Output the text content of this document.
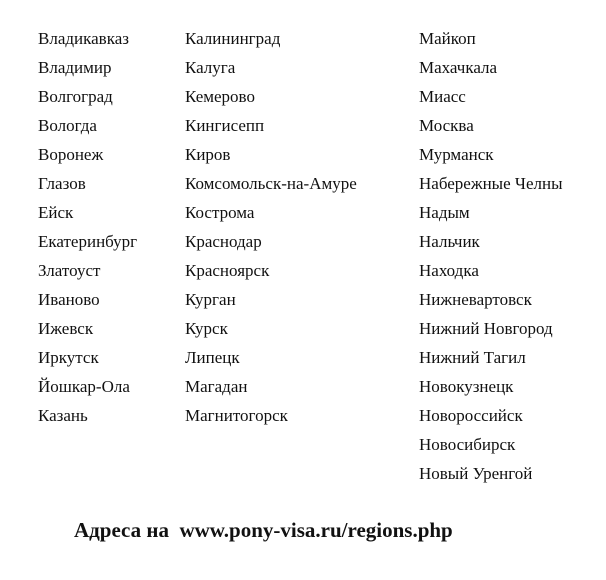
Владикавказ
Владимир
Волгоград
Вологда
Воронеж
Глазов
Ейск
Екатеринбург
Златоуст
Иваново
Ижевск
Иркутск
Йошкар-Ола
Казань
Калининград
Калуга
Кемерово
Кингисепп
Киров
Комсомольск-на-Амуре
Кострома
Краснодар
Красноярск
Курган
Курск
Липецк
Магадан
Магнитогорск
Майкоп
Махачкала
Миасс
Москва
Мурманск
Набережные Челны
Надым
Нальчик
Находка
Нижневартовск
Нижний Новгород
Нижний Тагил
Новокузнецк
Новороссийск
Новосибирск
Новый Уренгой
Адреса на  www.pony-visa.ru/regions.php
